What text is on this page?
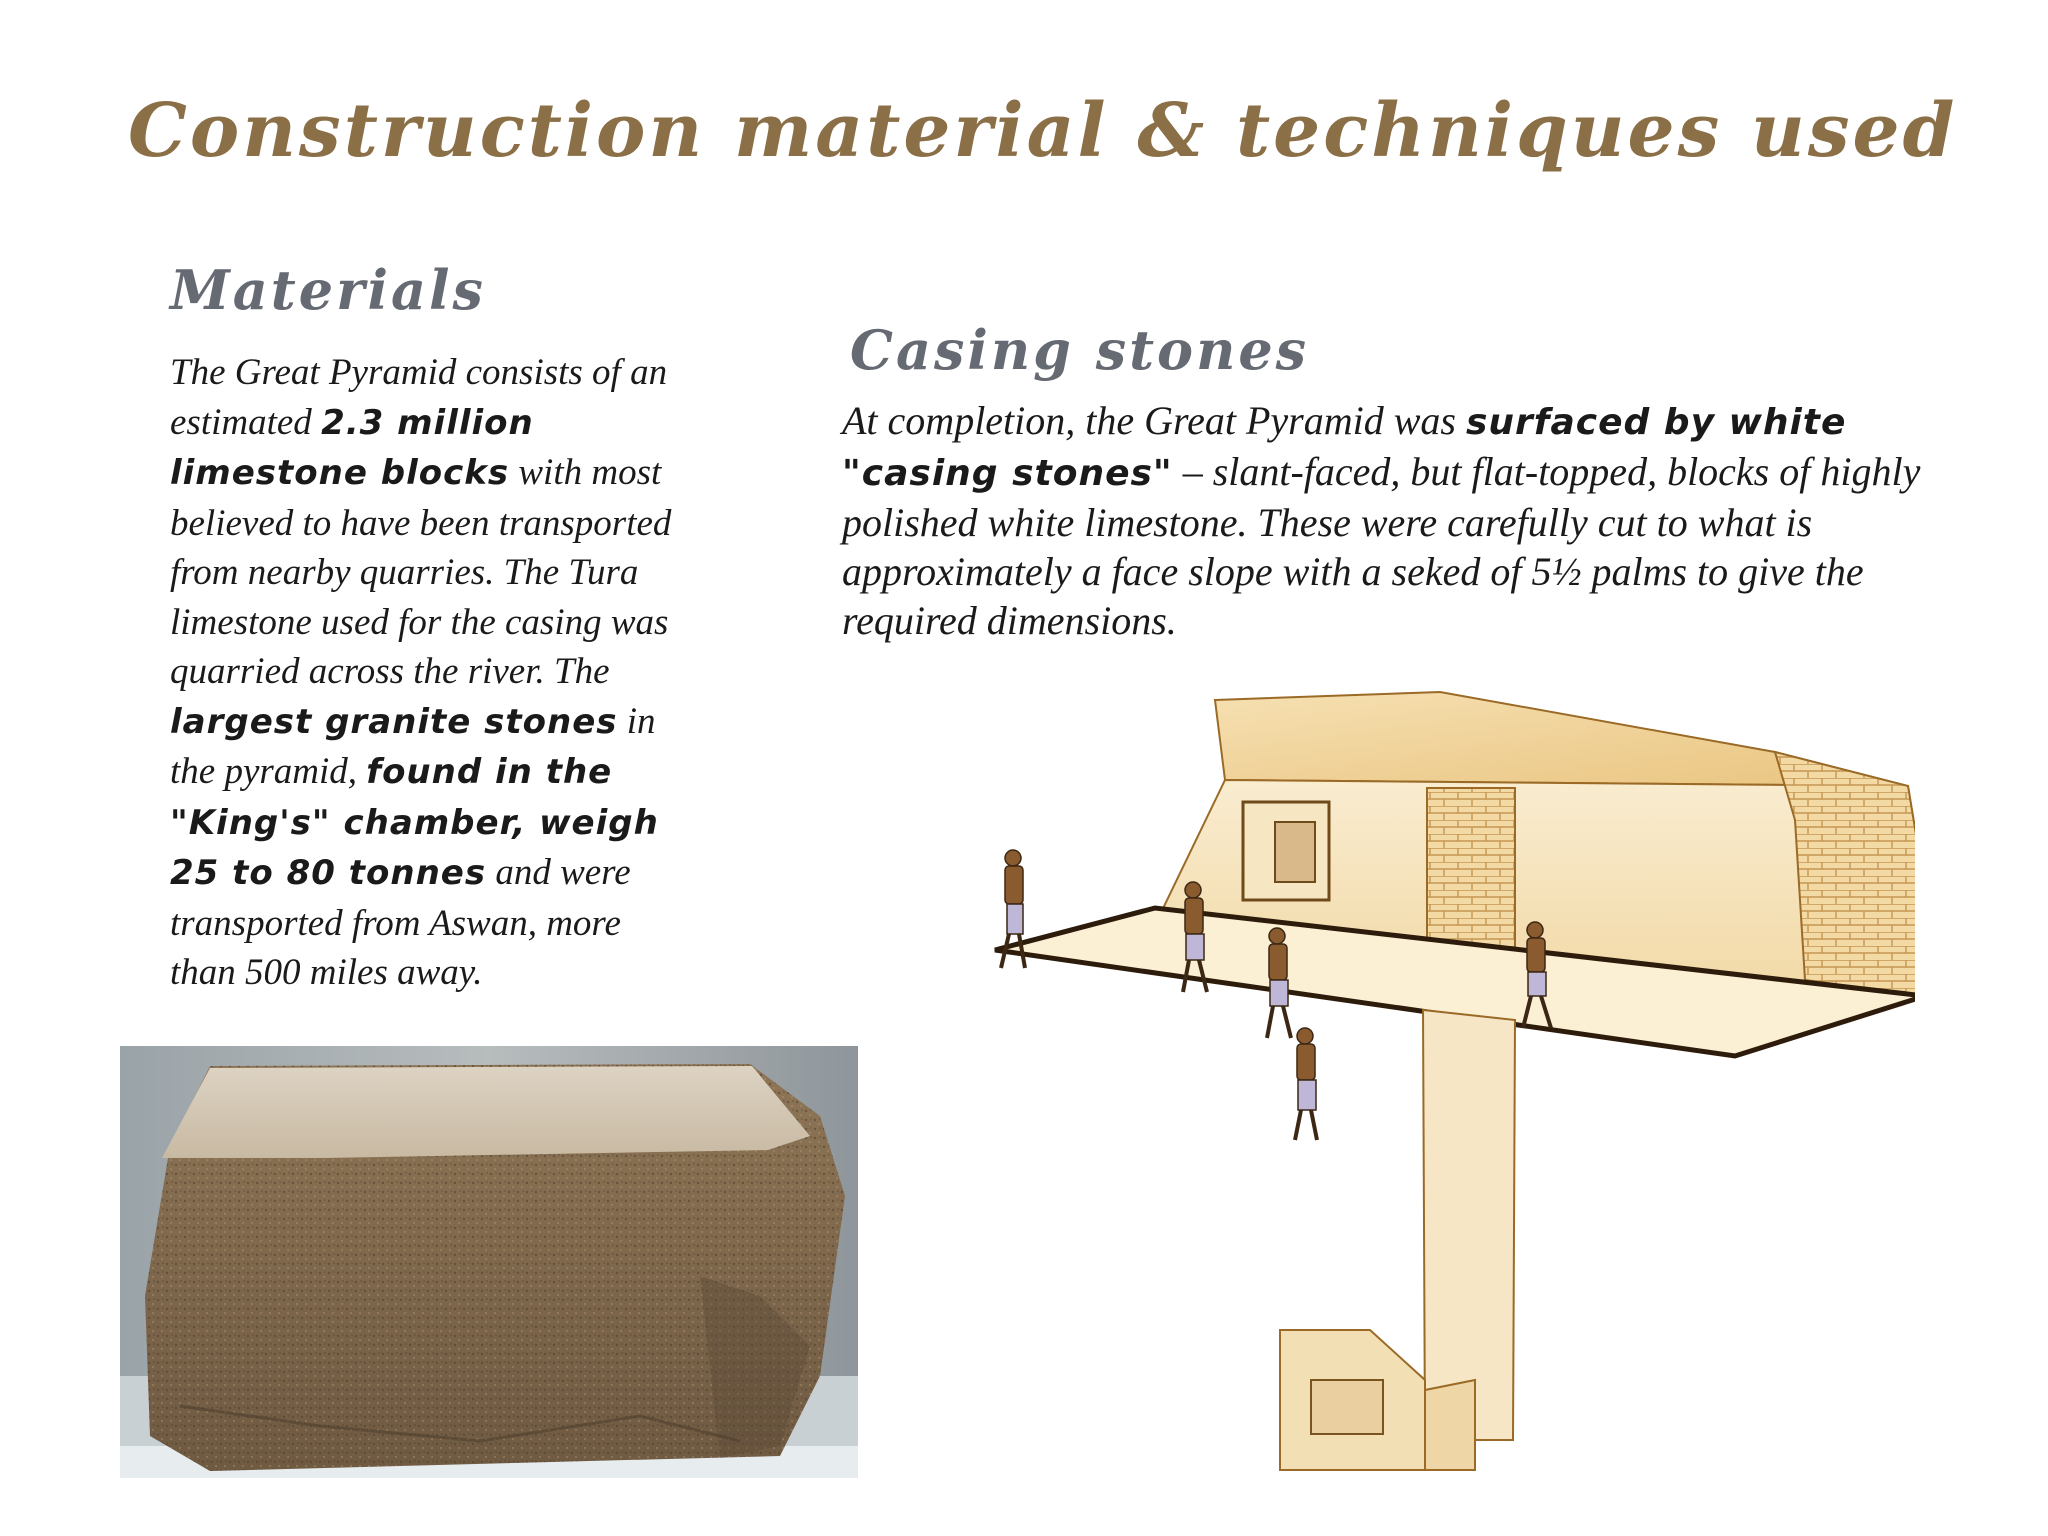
Construction material & techniques used
Materials

The Great Pyramid consists of an estimated 2.3 million limestone blocks with most believed to have been transported from nearby quarries. The Tura limestone used for the casing was quarried across the river. The largest granite stones in the pyramid, found in the "King's" chamber, weigh 25 to 80 tonnes and were transported from Aswan, more than 500 miles away.

Casing stones

At completion, the Great Pyramid was surfaced by white "casing stones" – slant-faced, but flat-topped, blocks of highly polished white limestone. These were carefully cut to what is approximately a face slope with a seked of 5½ palms to give the required dimensions.
